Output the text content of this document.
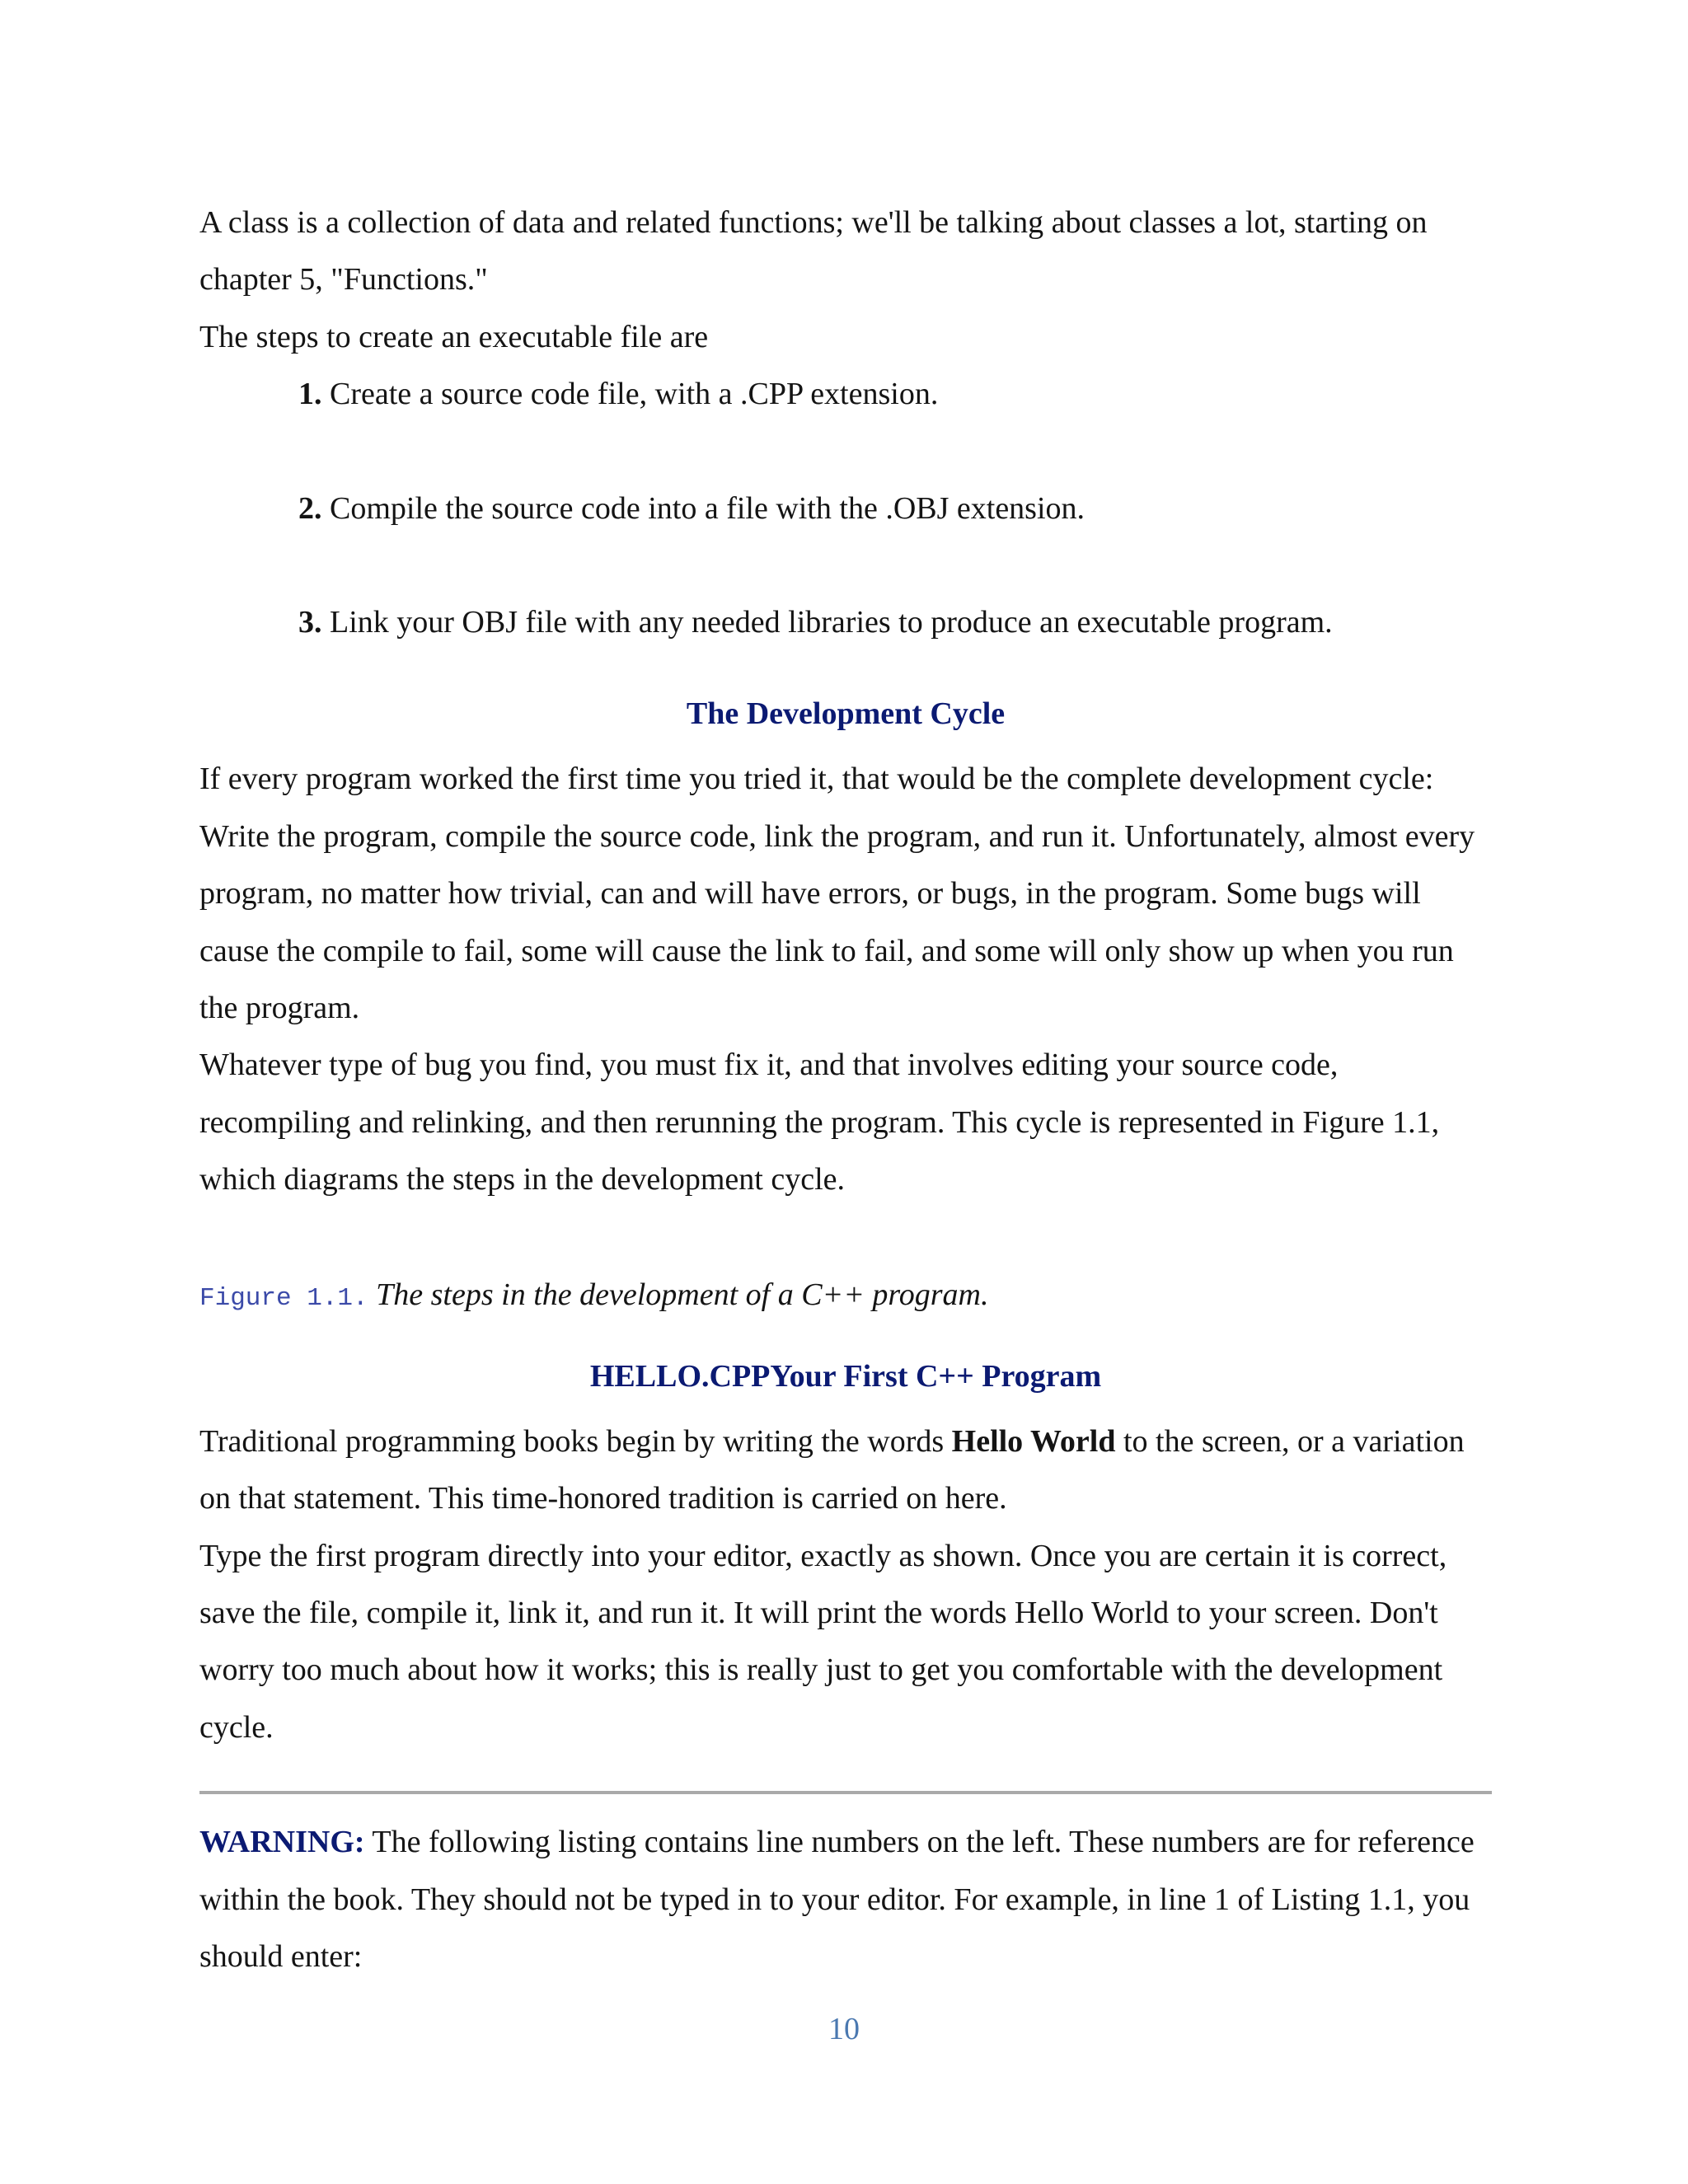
A class is a collection of data and related functions; we'll be talking about classes a lot, starting on chapter 5, "Functions."

The steps to create an executable file are

1. Create a source code file, with a .CPP extension.
2. Compile the source code into a file with the .OBJ extension.
3. Link your OBJ file with any needed libraries to produce an executable program.
The Development Cycle

If every program worked the first time you tried it, that would be the complete development cycle: Write the program, compile the source code, link the program, and run it. Unfortunately, almost every program, no matter how trivial, can and will have errors, or bugs, in the program. Some bugs will cause the compile to fail, some will cause the link to fail, and some will only show up when you run the program.

Whatever type of bug you find, you must fix it, and that involves editing your source code, recompiling and relinking, and then rerunning the program. This cycle is represented in Figure 1.1, which diagrams the steps in the development cycle.

Figure 1.1. The steps in the development of a C++ program.
HELLO.CPPYour First C++ Program

Traditional programming books begin by writing the words Hello World to the screen, or a variation on that statement. This time-honored tradition is carried on here.

Type the first program directly into your editor, exactly as shown. Once you are certain it is correct, save the file, compile it, link it, and run it. It will print the words Hello World to your screen. Don't worry too much about how it works; this is really just to get you comfortable with the development cycle.

WARNING: The following listing contains line numbers on the left. These numbers are for reference within the book. They should not be typed in to your editor. For example, in line 1 of Listing 1.1, you should enter:

10
